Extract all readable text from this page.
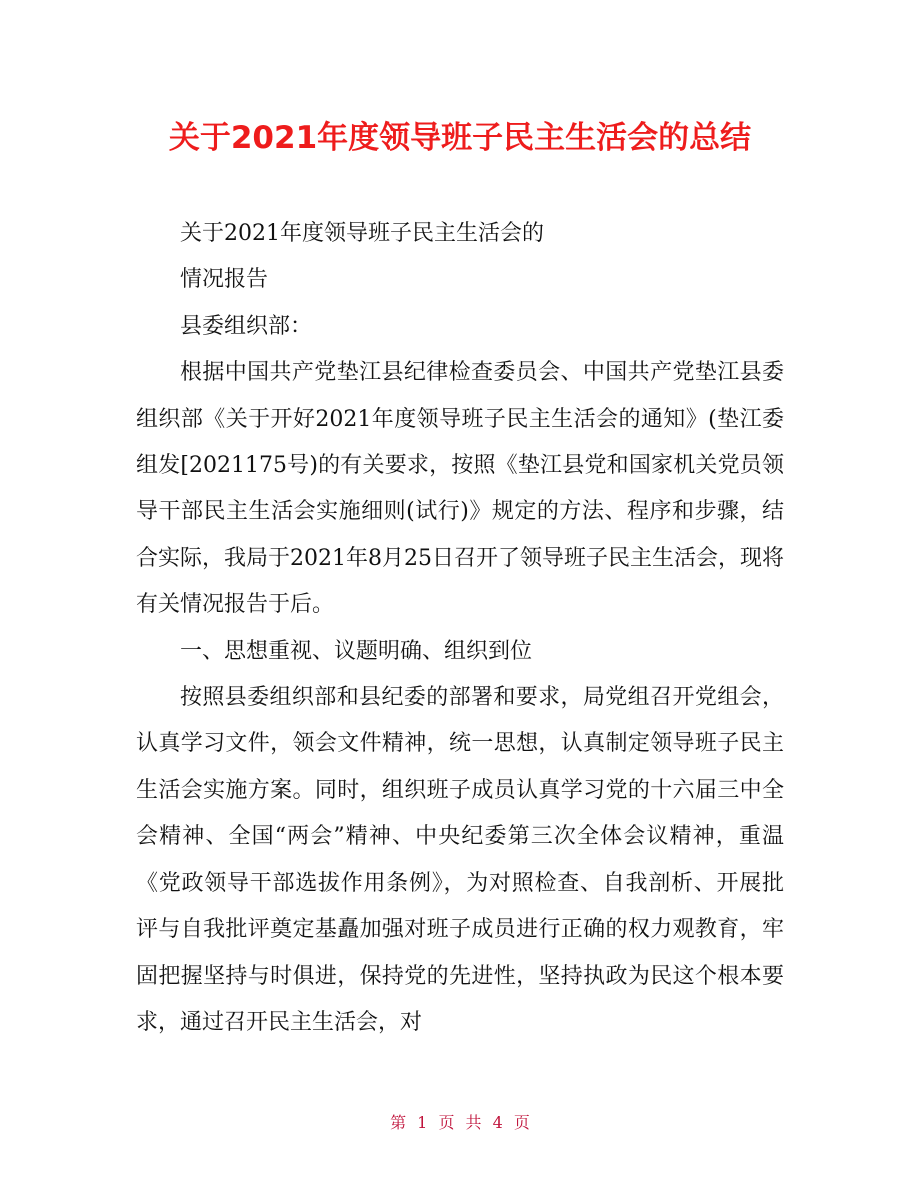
关于2021年度领导班子民主生活会的总结

关于2021年度领导班子民主生活会的

情况报告

县委组织部：

根据中国共产党垫江县纪律检查委员会、中国共产党垫江县委组织部《关于开好2021年度领导班子民主生活会的通知》(垫江委组发[2021175号)的有关要求，按照《垫江县党和国家机关党员领导干部民主生活会实施细则(试行)》规定的方法、程序和步骤，结合实际，我局于2021年8月25日召开了领导班子民主生活会，现将有关情况报告于后。

一、思想重视、议题明确、组织到位

按照县委组织部和县纪委的部署和要求，局党组召开党组会，认真学习文件，领会文件精神，统一思想，认真制定领导班子民主生活会实施方案。同时，组织班子成员认真学习党的十六届三中全会精神、全国“两会”精神、中央纪委第三次全体会议精神，重温《党政领导干部选拔作用条例》，为对照检查、自我剖析、开展批评与自我批评奠定基矗加强对班子成员进行正确的权力观教育，牢固把握坚持与时俱进，保持党的先进性，坚持执政为民这个根本要求，通过召开民主生活会，对

第 1 页 共 4 页
